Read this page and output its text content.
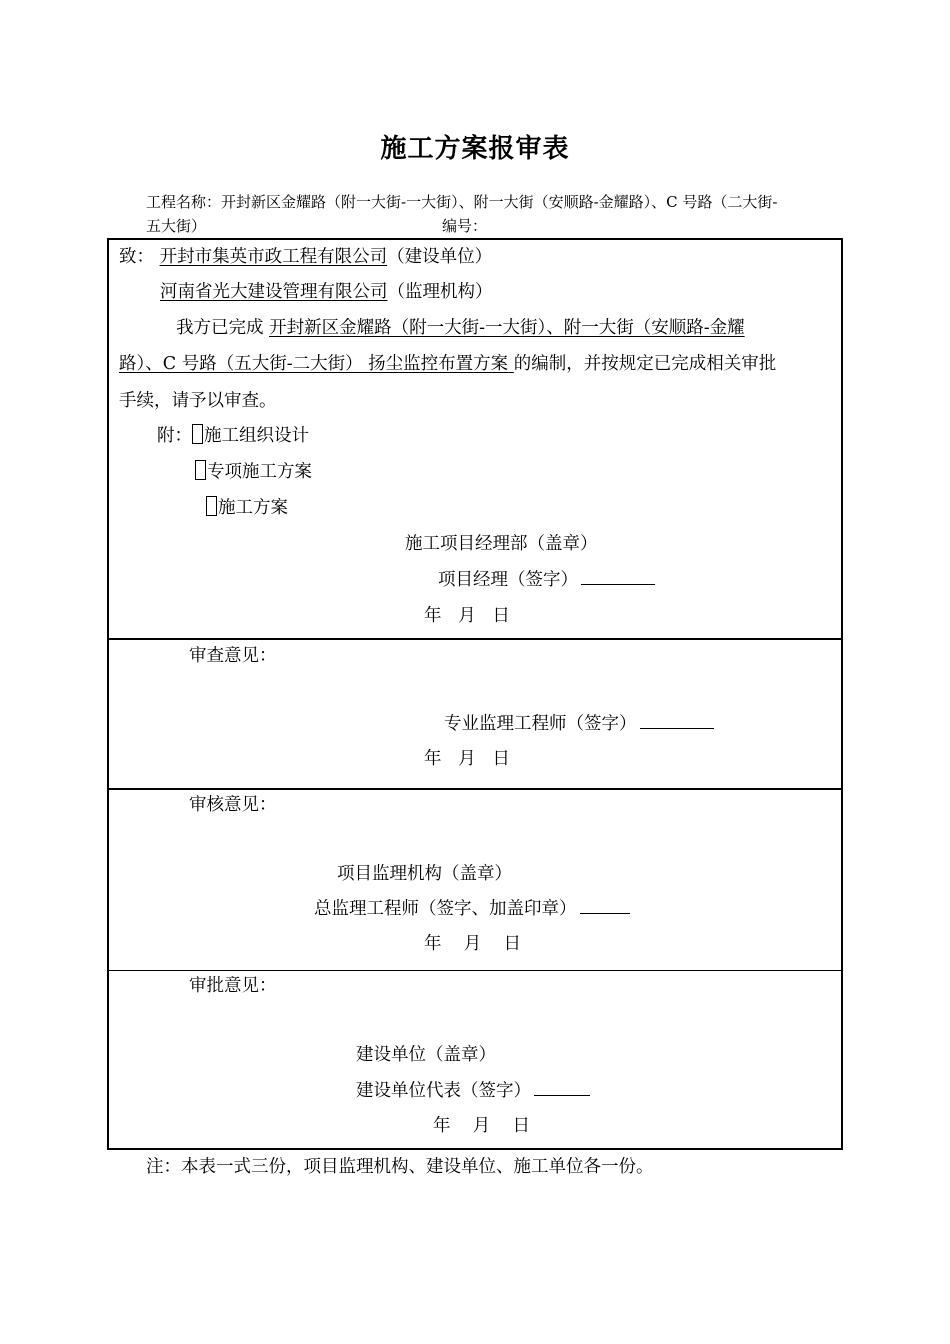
施工方案报审表
工程名称：开封新区金耀路（附一大街-一大街）、附一大街（安顺路-金耀路）、C 号路（二大街-
五大街）	编号：
致： 开封市集英市政工程有限公司（建设单位）
河南省光大建设管理有限公司（监理机构）
我方已完成 开封新区金耀路（附一大街-一大街）、附一大街（安顺路-金耀
路）、C 号路（五大街-二大街） 扬尘监控布置方案 的编制，并按规定已完成相关审批
手续，请予以审查。
附： 施工组织设计
专项施工方案
施工方案
施工项目经理部（盖章）
项目经理（签字）
年   月   日
审查意见：
专业监理工程师（签字）
年   月   日
审核意见：
项目监理机构（盖章）
总监理工程师（签字、加盖印章）
年    月    日
审批意见：
建设单位（盖章）
建设单位代表（签字）
年    月    日
注：本表一式三份，项目监理机构、建设单位、施工单位各一份。
